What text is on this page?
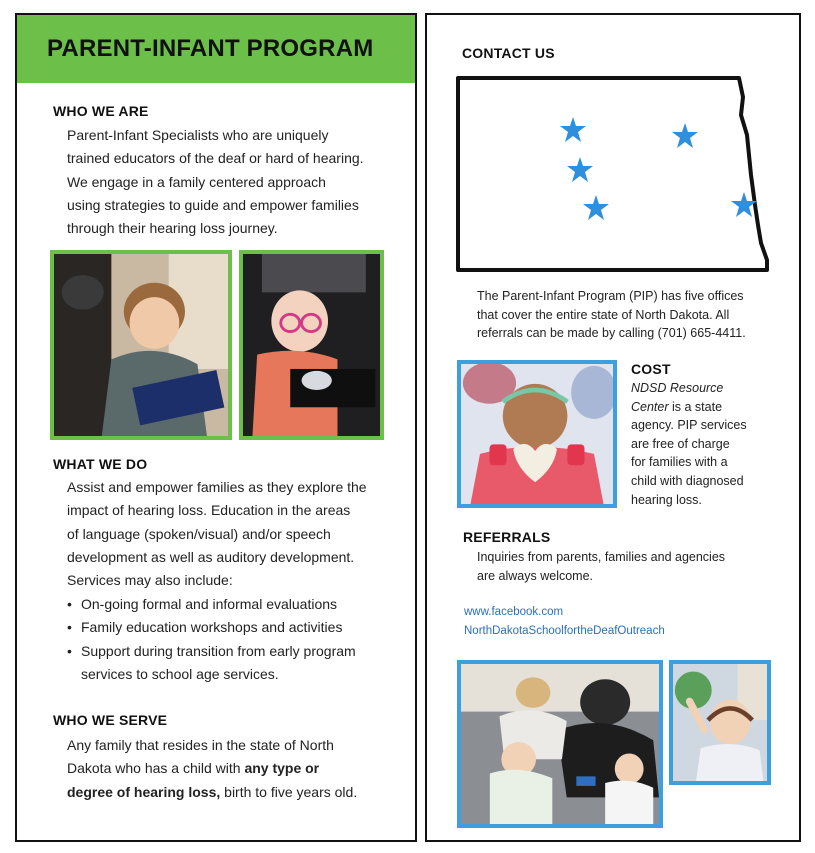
PARENT-INFANT PROGRAM
WHO WE ARE
Parent-Infant Specialists who are uniquely
trained educators of the deaf or hard of hearing.
We engage in a family centered approach
using strategies to guide and empower families
through their hearing loss journey.
WHAT WE DO
Assist and empower families as they explore the
impact of hearing loss. Education in the areas
of language (spoken/visual) and/or speech
development as well as auditory development.
Services may also include:
• On-going formal and informal evaluations
• Family education workshops and activities
• Support during transition from early program
services to school age services.
WHO WE SERVE
Any family that resides in the state of North
Dakota who has a child with any type or
degree of hearing loss, birth to five years old.
CONTACT US
The Parent-Infant Program (PIP) has five offices
that cover the entire state of North Dakota. All
referrals can be made by calling (701) 665-4411.
COST
NDSD Resource
Center is a state
agency. PIP services
are free of charge
for families with a
child with diagnosed
hearing loss.
REFERRALS
Inquiries from parents, families and agencies
are always welcome.
www.facebook.com
NorthDakotaSchoolfortheDeafOutreach
